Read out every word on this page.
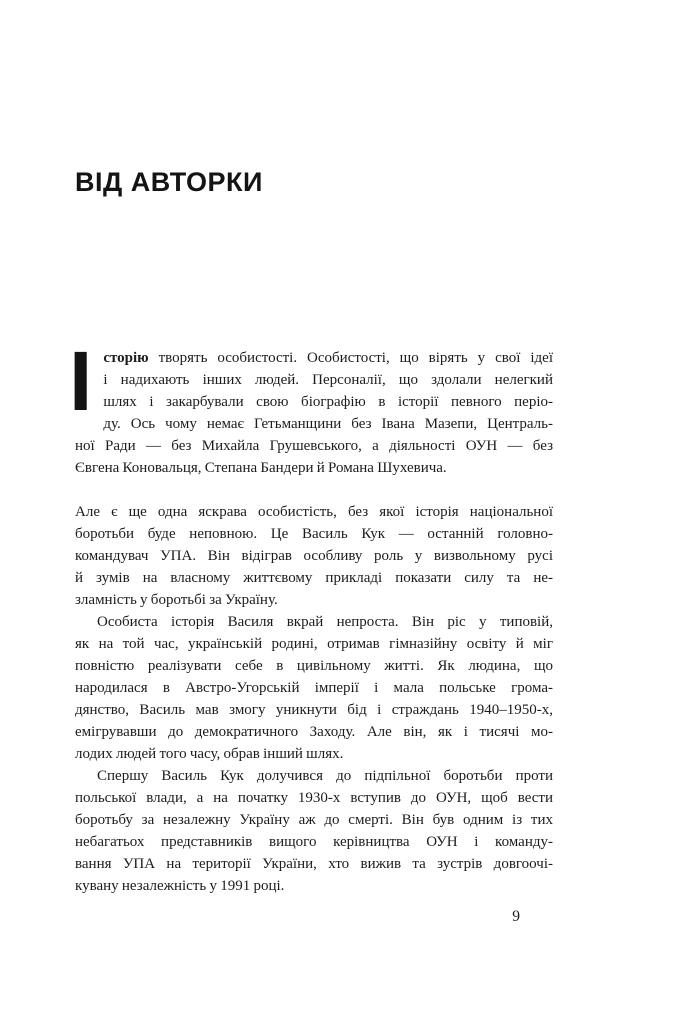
ВІД АВТОРКИ
І сторію творять особистості. Особистості, що вірять у свої ідеї
і надихають інших людей. Персоналії, що здолали нелегкий
шлях і закарбували свою біографію в історії певного періо-
ду. Ось чому немає Гетьманщини без Івана Мазепи, Централь-
ної Ради — без Михайла Грушевського, а діяльності ОУН — без
Євгена Коновальця, Степана Бандери й Романа Шухевича.
Але є ще одна яскрава особистість, без якої історія національної
боротьби буде неповною. Це Василь Кук — останній головно-
командувач УПА. Він відіграв особливу роль у визвольному русі
й зумів на власному життєвому прикладі показати силу та не-
зламність у боротьбі за Україну.
Особиста історія Василя вкрай непроста. Він ріс у типовій,
як на той час, українській родині, отримав гімназійну освіту й міг
повністю реалізувати себе в цивільному житті. Як людина, що
народилася в Австро-Угорській імперії і мала польське грома-
дянство, Василь мав змогу уникнути бід і страждань 1940–1950-х,
емігрувавши до демократичного Заходу. Але він, як і тисячі мо-
лодих людей того часу, обрав інший шлях.
Спершу Василь Кук долучився до підпільної боротьби проти
польської влади, а на початку 1930-х вступив до ОУН, щоб вести
боротьбу за незалежну Україну аж до смерті. Він був одним із тих
небагатьох представників вищого керівництва ОУН і команду-
вання УПА на території України, хто вижив та зустрів довгоочі-
кувану незалежність у 1991 році.
9
